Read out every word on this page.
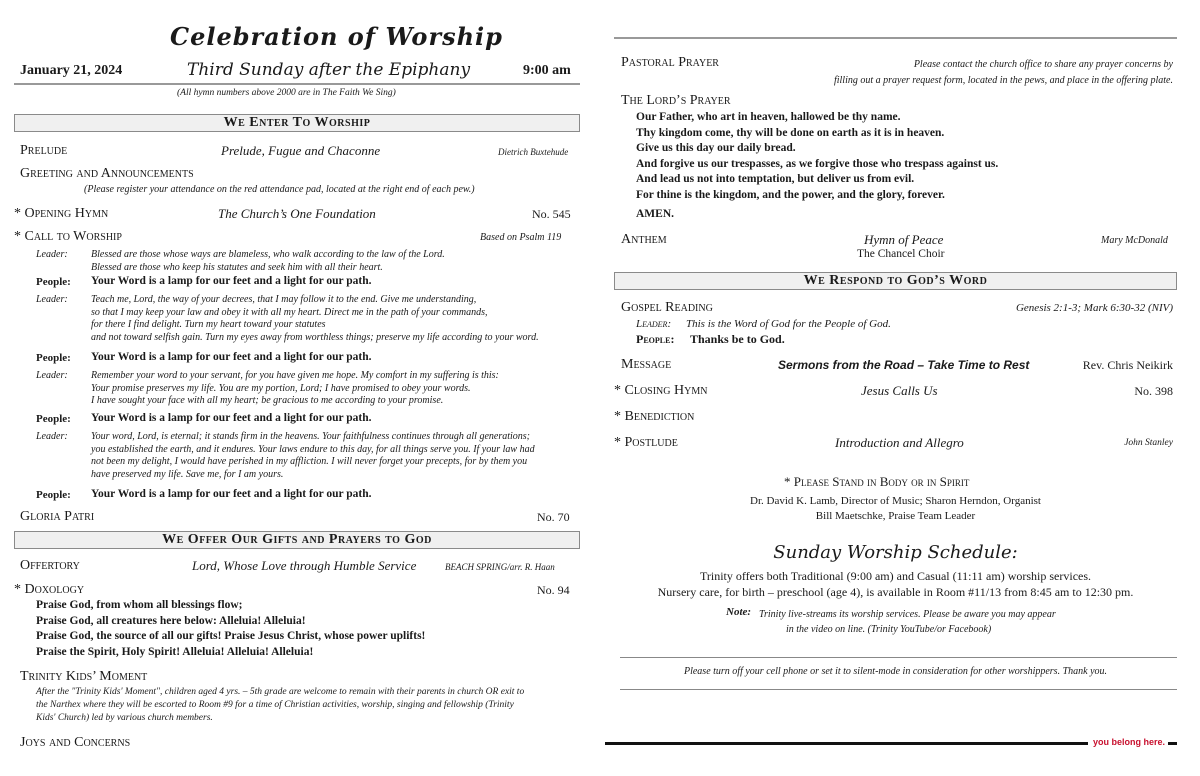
Celebration of Worship
January 21, 2024	Third Sunday after the Epiphany	9:00 am
(All hymn numbers above 2000 are in The Faith We Sing)
We Enter To Worship
Prelude	Prelude, Fugue and Chaconne	Dietrich Buxtehude
Greeting and Announcements
(Please register your attendance on the red attendance pad, located at the right end of each pew.)
* Opening Hymn	The Church’s One Foundation	No. 545
* Call to Worship	Based on Psalm 119
Leader: Blessed are those whose ways are blameless, who walk according to the law of the Lord.
Blessed are those who keep his statutes and seek him with all their heart.
People: Your Word is a lamp for our feet and a light for our path.
Leader: Teach me, Lord, the way of your decrees, that I may follow it to the end. Give me understanding,
so that I may keep your law and obey it with all my heart. Direct me in the path of your commands,
for there I find delight. Turn my heart toward your statutes
and not toward selfish gain. Turn my eyes away from worthless things; preserve my life according to your word.
People: Your Word is a lamp for our feet and a light for our path.
Leader: Remember your word to your servant, for you have given me hope. My comfort in my suffering is this:
Your promise preserves my life. You are my portion, Lord; I have promised to obey your words.
I have sought your face with all my heart; be gracious to me according to your promise.
People: Your Word is a lamp for our feet and a light for our path.
Leader: Your word, Lord, is eternal; it stands firm in the heavens. Your faithfulness continues through all generations;
you established the earth, and it endures. Your laws endure to this day, for all things serve you. If your law had
not been my delight, I would have perished in my affliction. I will never forget your precepts, for by them you
have preserved my life. Save me, for I am yours.
People: Your Word is a lamp for our feet and a light for our path.
Gloria Patri	No. 70
We Offer Our Gifts and Prayers to God
Offertory	Lord, Whose Love through Humble Service	BEACH SPRING/arr. R. Haan
* Doxology	No. 94
Praise God, from whom all blessings flow;
Praise God, all creatures here below: Alleluia! Alleluia!
Praise God, the source of all our gifts! Praise Jesus Christ, whose power uplifts!
Praise the Spirit, Holy Spirit! Alleluia! Alleluia! Alleluia!
Trinity Kids’ Moment
After the "Trinity Kids' Moment", children aged 4 yrs. – 5th grade are welcome to remain with their parents in church OR exit to
the Narthex where they will be escorted to Room #9 for a time of Christian activities, worship, singing and fellowship (Trinity
Kids' Church) led by various church members.
Joys and Concerns
Pastoral Prayer	Please contact the church office to share any prayer concerns by
filling out a prayer request form, located in the pews, and place in the offering plate.
The Lord’s Prayer
Our Father, who art in heaven, hallowed be thy name.
Thy kingdom come, thy will be done on earth as it is in heaven.
Give us this day our daily bread.
And forgive us our trespasses, as we forgive those who trespass against us.
And lead us not into temptation, but deliver us from evil.
For thine is the kingdom, and the power, and the glory, forever.
AMEN.
Anthem	Hymn of Peace	Mary McDonald
The Chancel Choir
We Respond to God’s Word
Gospel Reading	Genesis 2:1-3; Mark 6:30-32 (NIV)
Leader: This is the Word of God for the People of God.
People: Thanks be to God.
Message	Sermons from the Road – Take Time to Rest	Rev. Chris Neikirk
* Closing Hymn	Jesus Calls Us	No. 398
* Benediction
* Postlude	Introduction and Allegro	John Stanley
* Please Stand in Body or in Spirit
Dr. David K. Lamb, Director of Music; Sharon Herndon, Organist
Bill Maetschke, Praise Team Leader
Sunday Worship Schedule:
Trinity offers both Traditional (9:00 am) and Casual (11:11 am) worship services.
Nursery care, for birth – preschool (age 4), is available in Room #11/13 from 8:45 am to 12:30 pm.
Note: Trinity live-streams its worship services. Please be aware you may appear
in the video on line. (Trinity YouTube/or Facebook)
Please turn off your cell phone or set it to silent-mode in consideration for other worshippers. Thank you.
you belong here.
